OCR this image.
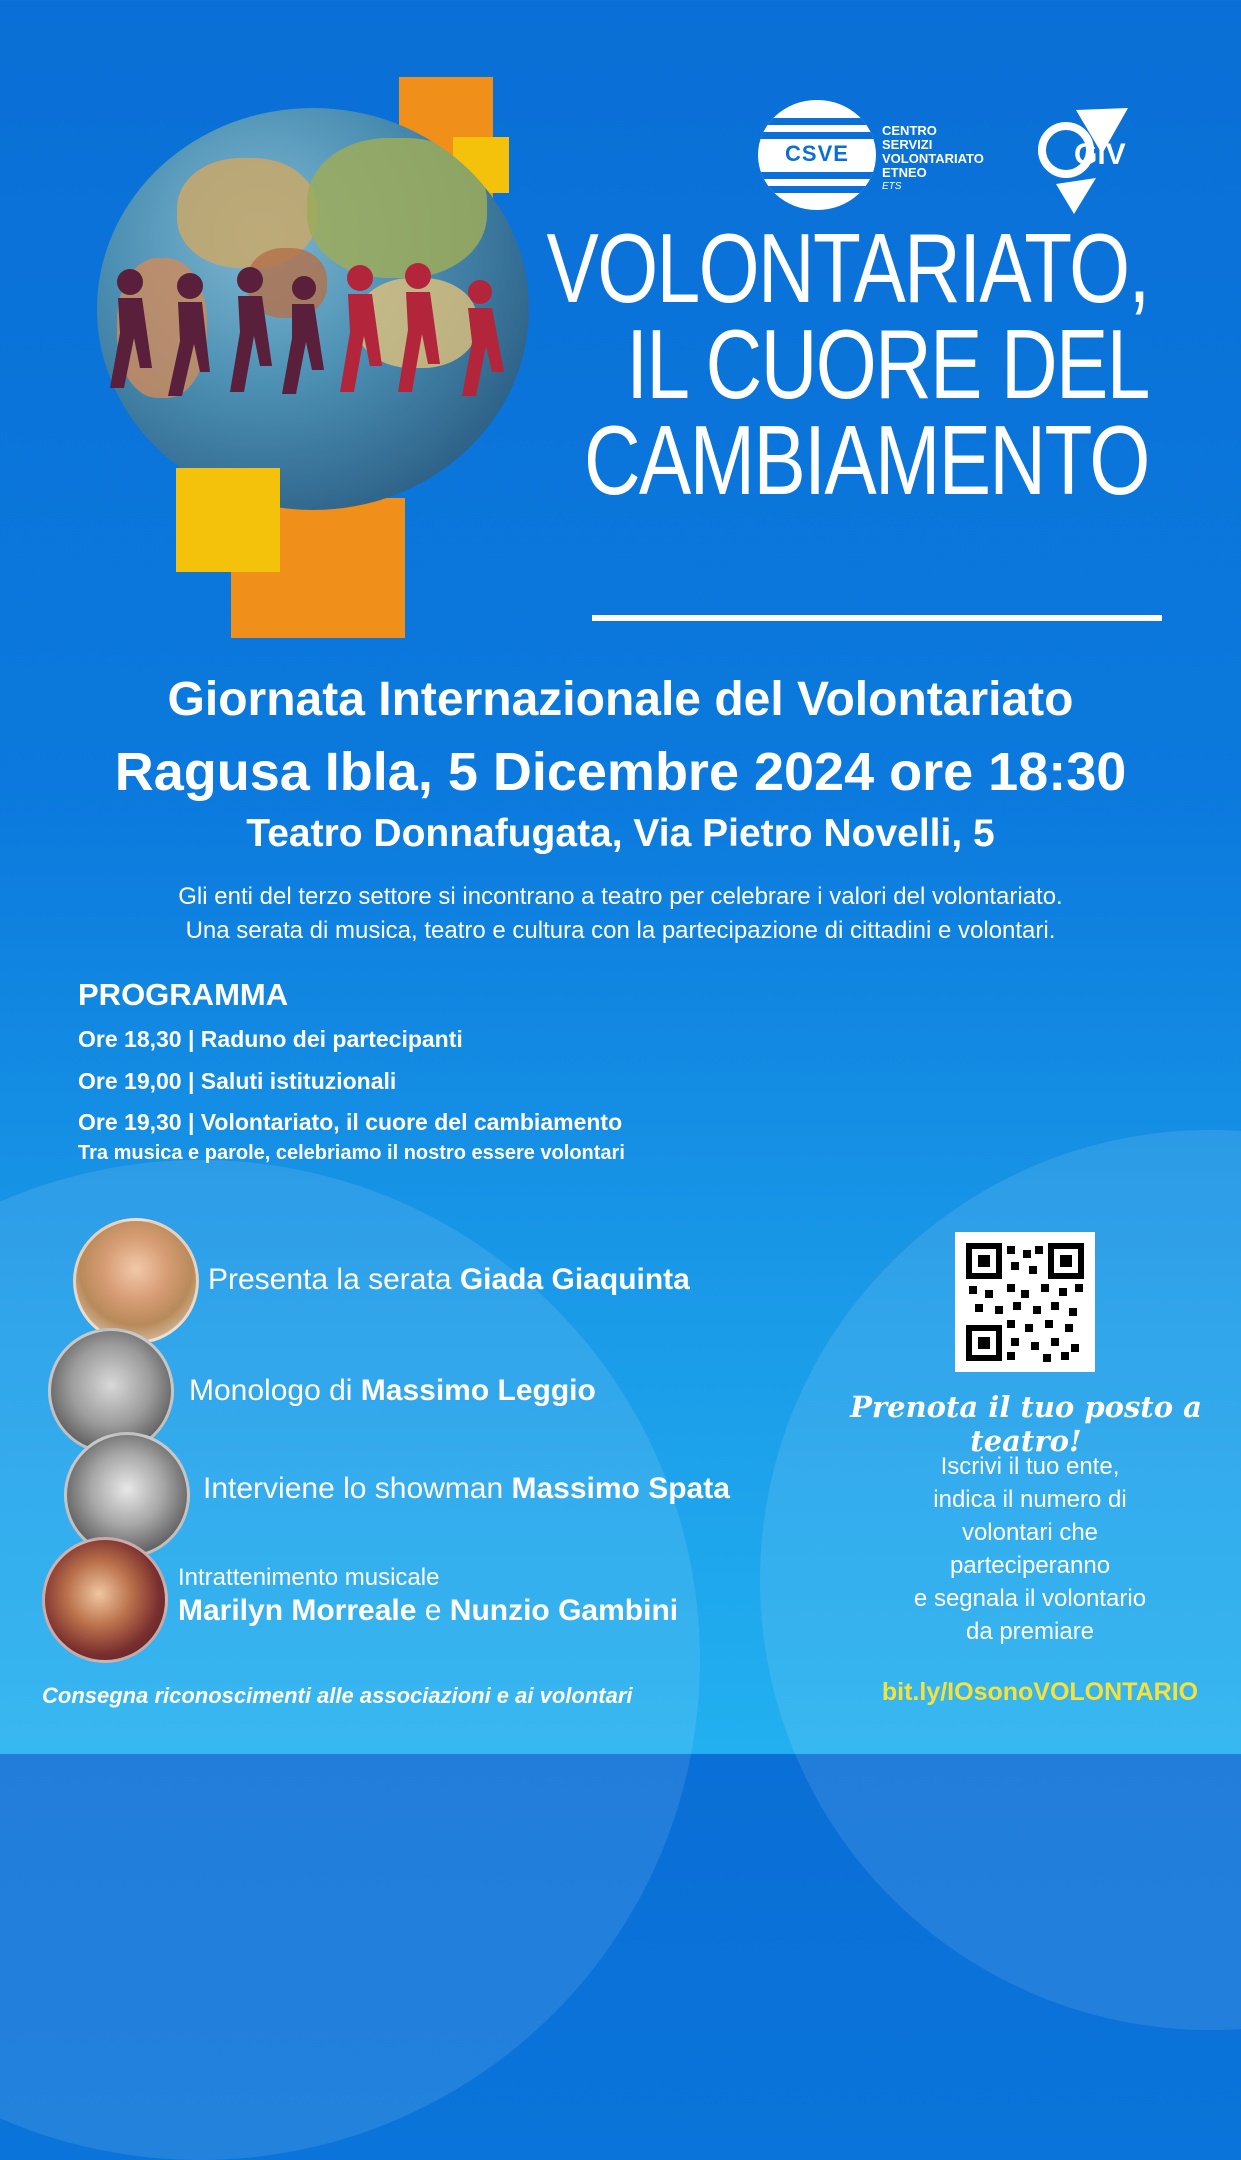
CSVE
CENTRO
SERVIZI
VOLONTARIATO
ETNEO
ETS
GiV
VOLONTARIATO,
IL CUORE DEL
CAMBIAMENTO
Giornata Internazionale del Volontariato
Ragusa Ibla, 5 Dicembre 2024 ore 18:30
Teatro Donnafugata, Via Pietro Novelli, 5
Gli enti del terzo settore si incontrano a teatro per celebrare i valori del volontariato.
Una serata di musica, teatro e cultura con la partecipazione di cittadini e volontari.
PROGRAMMA
Ore 18,30 | Raduno dei partecipanti
Ore 19,00 | Saluti istituzionali
Ore 19,30 | Volontariato, il cuore del cambiamento
Tra musica e parole, celebriamo il nostro essere volontari
Presenta la serata Giada Giaquinta
Monologo di Massimo Leggio
Interviene lo showman Massimo Spata
Intrattenimento musicale
Marilyn Morreale e Nunzio Gambini
Prenota il tuo posto a teatro!
Iscrivi il tuo ente,
indica il numero di
volontari che
parteciperanno
e segnala il volontario
da premiare
bit.ly/IOsonoVOLONTARIO
Consegna riconoscimenti alle associazioni e ai volontari
